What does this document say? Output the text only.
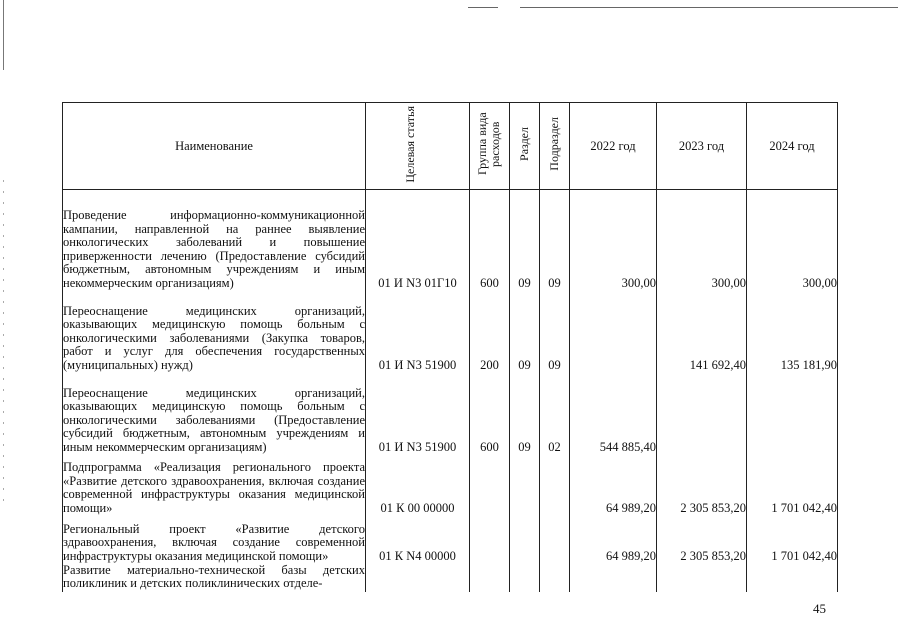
Наименование	Целевая статья	Группа вида расходов	Раздел	Подраздел	2022 год	2023 год	2024 год
Проведение информационно-коммуникационной кампании, направленной на раннее выявление онкологических заболеваний и повышение приверженности лечению (Предоставление субсидий бюджетным, автономным учреждениям и иным некоммерческим организациям)	01 И N3 01Г10	600	09	09	300,00	300,00	300,00
Переоснащение медицинских организаций, оказывающих медицинскую помощь больным с онкологическими заболеваниями (Закупка товаров, работ и услуг для обеспечения государственных (муниципальных) нужд)	01 И N3 51900	200	09	09		141 692,40	135 181,90
Переоснащение медицинских организаций, оказывающих медицинскую помощь больным с онкологическими заболеваниями (Предоставление субсидий бюджетным, автономным учреждениям и иным некоммерческим организациям)	01 И N3 51900	600	09	02	544 885,40		
Подпрограмма «Реализация регионального проекта «Развитие детского здравоохранения, включая создание современной инфраструктуры оказания медицинской помощи»	01 К 00 00000				64 989,20	2 305 853,20	1 701 042,40
Региональный проект «Развитие детского здравоохранения, включая создание современной инфраструктуры оказания медицинской помощи»	01 К N4 00000				64 989,20	2 305 853,20	1 701 042,40
Развитие материально-технической базы детских поликлиник и детских поликлинических отделе-							
45
